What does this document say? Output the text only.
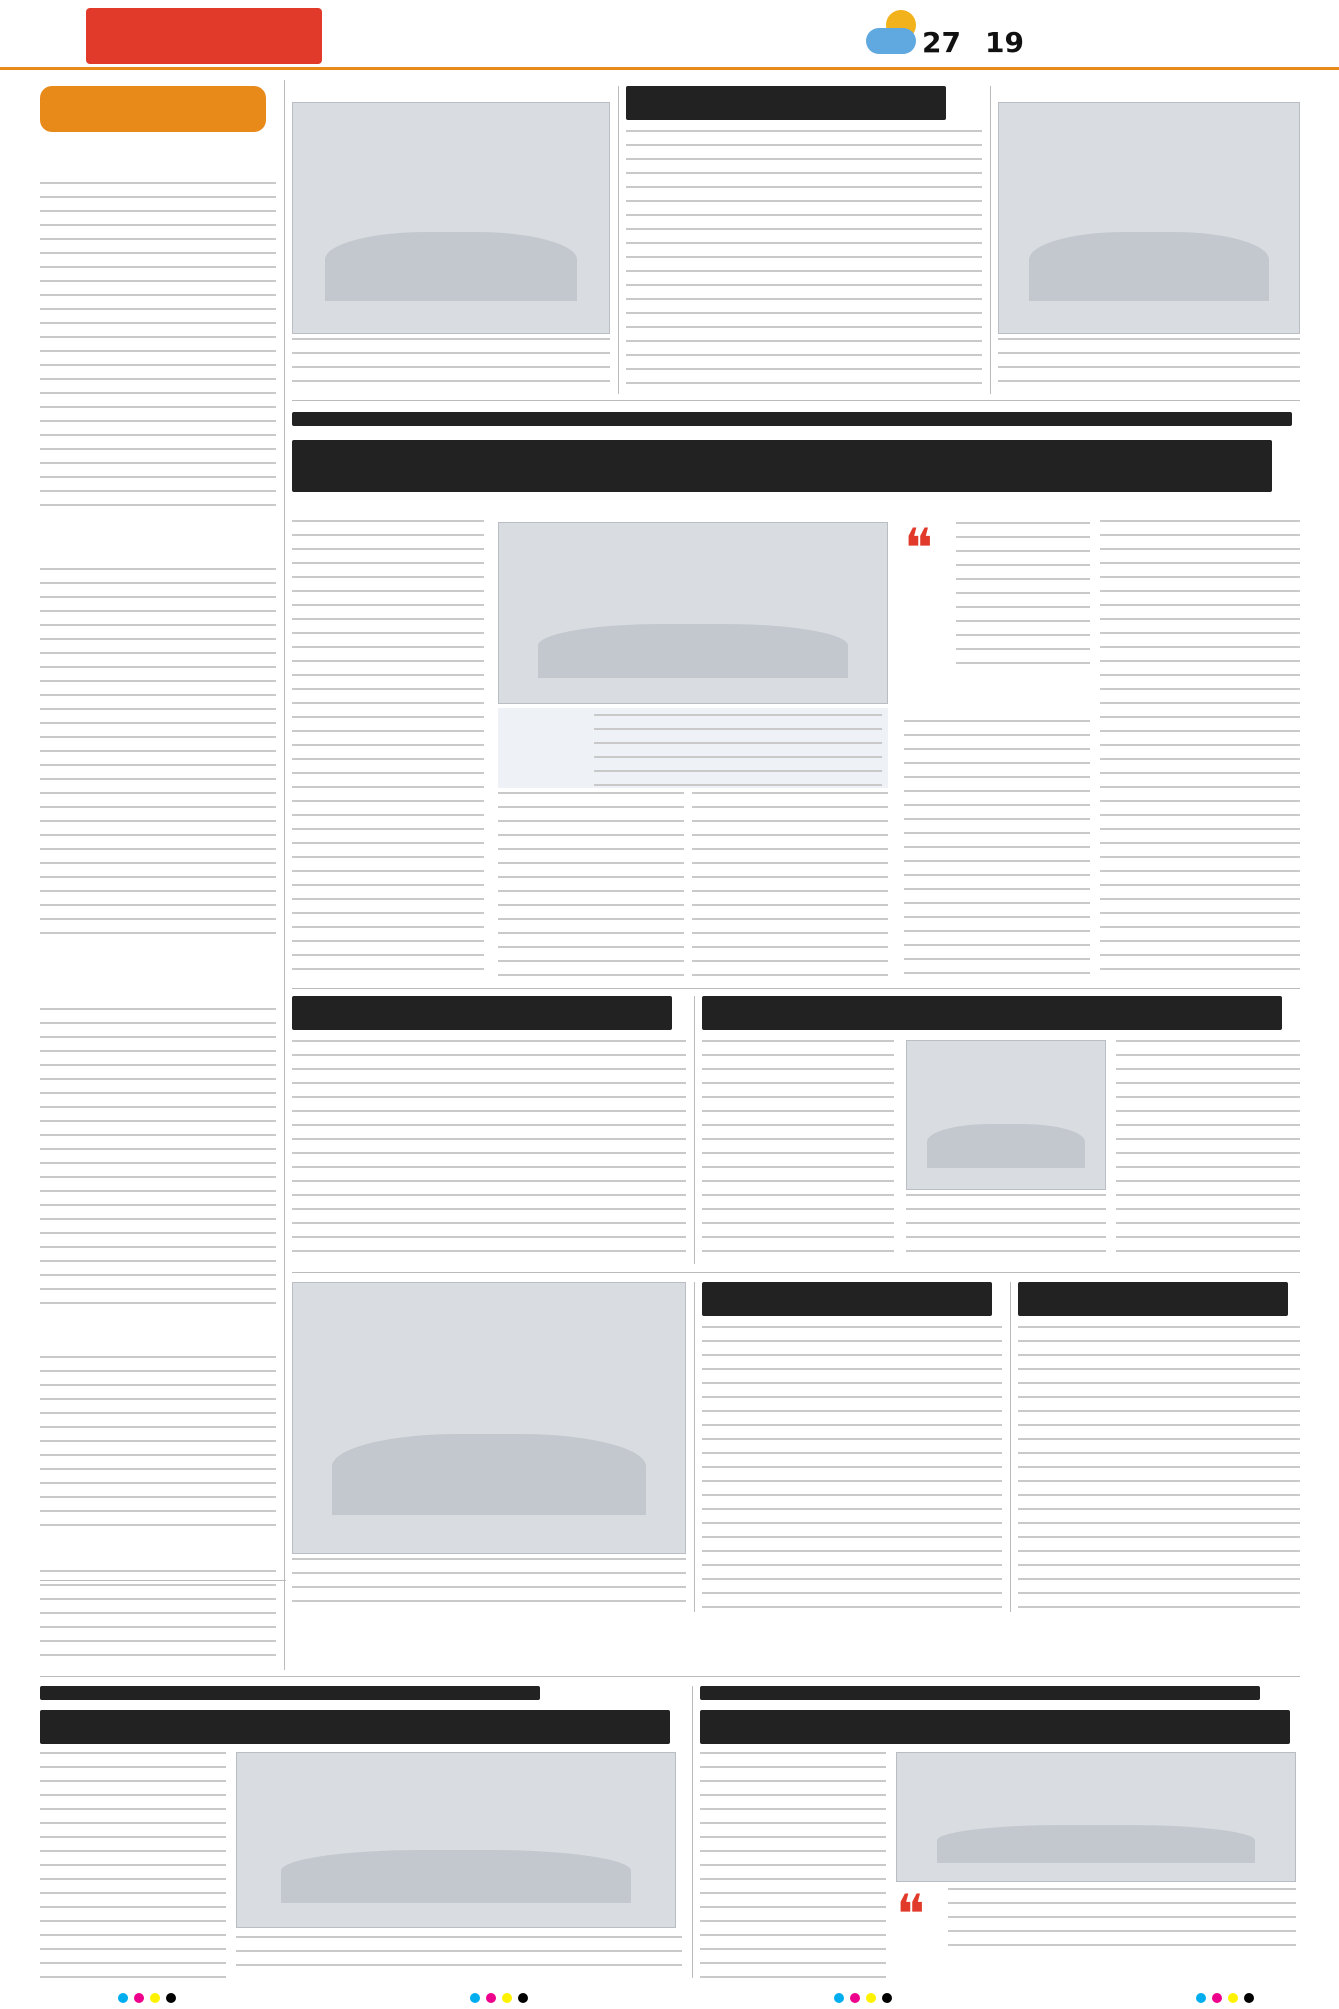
27 19
❝
❝
